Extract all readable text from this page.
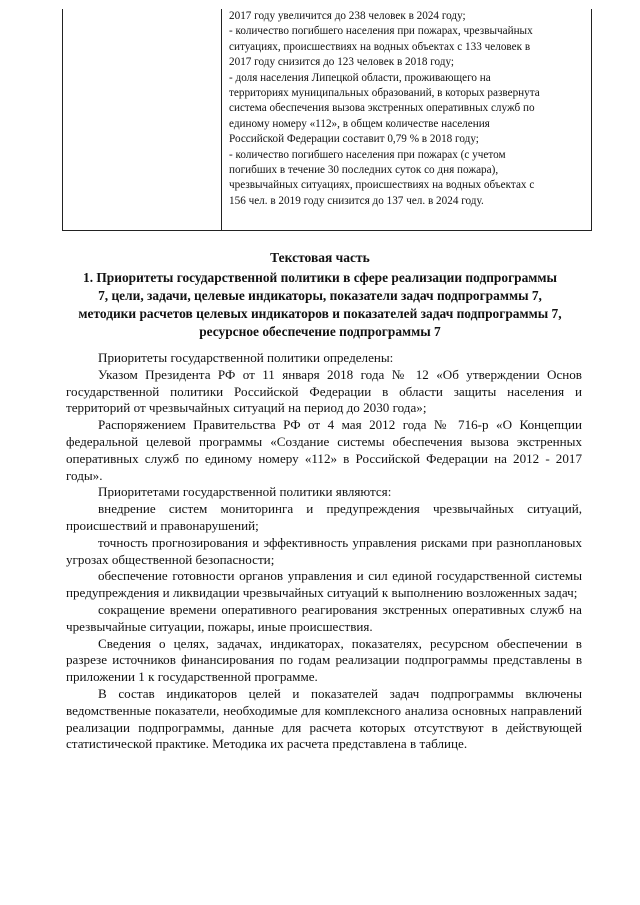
2017 году увеличится до 238 человек в 2024 году;
- количество погибшего населения при пожарах, чрезвычайных
ситуациях, происшествиях на водных объектах с 133 человек в
2017 году снизится до 123 человек в 2018 году;
- доля населения Липецкой области, проживающего на
территориях муниципальных образований, в которых развернута
система обеспечения вызова экстренных оперативных служб по
единому номеру «112», в общем количестве населения
Российской Федерации составит 0,79 % в 2018 году;
- количество погибшего населения при пожарах (с учетом
погибших в течение 30 последних суток со дня пожара),
чрезвычайных ситуациях, происшествиях на водных объектах с
156 чел. в 2019 году снизится до 137 чел. в 2024 году.
Текстовая часть
1. Приоритеты государственной политики в сфере реализации подпрограммы
7, цели, задачи, целевые индикаторы, показатели задач подпрограммы 7,
методики расчетов целевых индикаторов и показателей задач подпрограммы 7,
ресурсное обеспечение подпрограммы 7

Приоритеты государственной политики определены:

Указом Президента РФ от 11 января 2018 года № 12 «Об утверждении Основ государственной политики Российской Федерации в области защиты населения и территорий от чрезвычайных ситуаций на период до 2030 года»;

Распоряжением Правительства РФ от 4 мая 2012 года № 716-р «О Концепции федеральной целевой программы «Создание системы обеспечения вызова экстренных оперативных служб по единому номеру «112» в Российской Федерации на 2012 - 2017 годы».

Приоритетами государственной политики являются:

внедрение систем мониторинга и предупреждения чрезвычайных ситуаций, происшествий и правонарушений;

точность прогнозирования и эффективность управления рисками при разноплановых угрозах общественной безопасности;

обеспечение готовности органов управления и сил единой государственной системы предупреждения и ликвидации чрезвычайных ситуаций к выполнению возложенных задач;

сокращение времени оперативного реагирования экстренных оперативных служб на чрезвычайные ситуации, пожары, иные происшествия.

Сведения о целях, задачах, индикаторах, показателях, ресурсном обеспечении в разрезе источников финансирования по годам реализации подпрограммы представлены в приложении 1 к государственной программе.

В состав индикаторов целей и показателей задач подпрограммы включены ведомственные показатели, необходимые для комплексного анализа основных направлений реализации подпрограммы, данные для расчета которых отсутствуют в действующей статистической практике. Методика их расчета представлена в таблице.
